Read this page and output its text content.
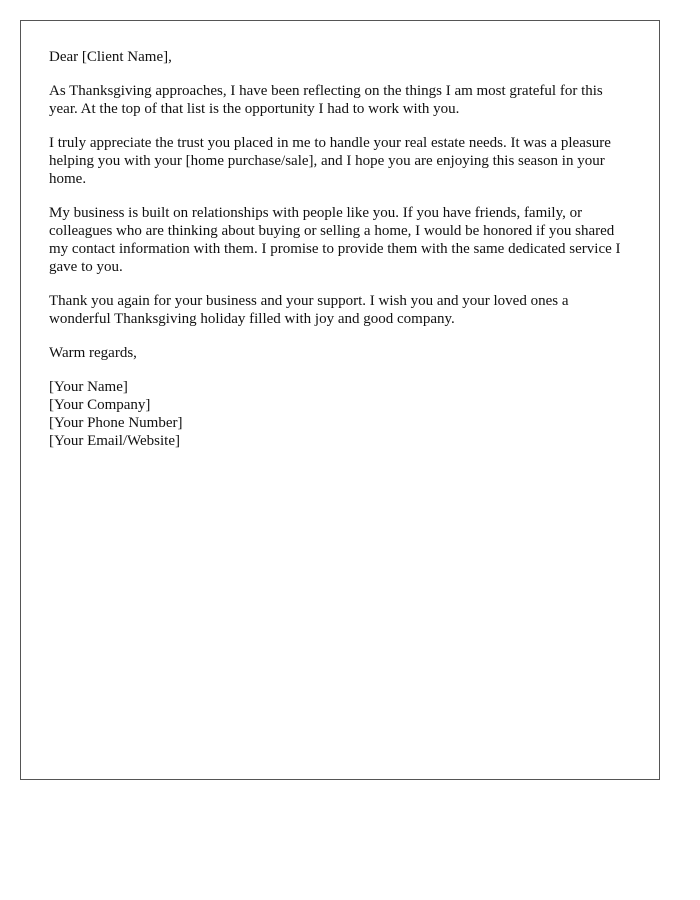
Dear [Client Name],

As Thanksgiving approaches, I have been reflecting on the things I am most grateful for this year. At the top of that list is the opportunity I had to work with you.

I truly appreciate the trust you placed in me to handle your real estate needs. It was a pleasure helping you with your [home purchase/sale], and I hope you are enjoying this season in your home.

My business is built on relationships with people like you. If you have friends, family, or colleagues who are thinking about buying or selling a home, I would be honored if you shared my contact information with them. I promise to provide them with the same dedicated service I gave to you.

Thank you again for your business and your support. I wish you and your loved ones a wonderful Thanksgiving holiday filled with joy and good company.

Warm regards,

[Your Name]
[Your Company]
[Your Phone Number]
[Your Email/Website]
